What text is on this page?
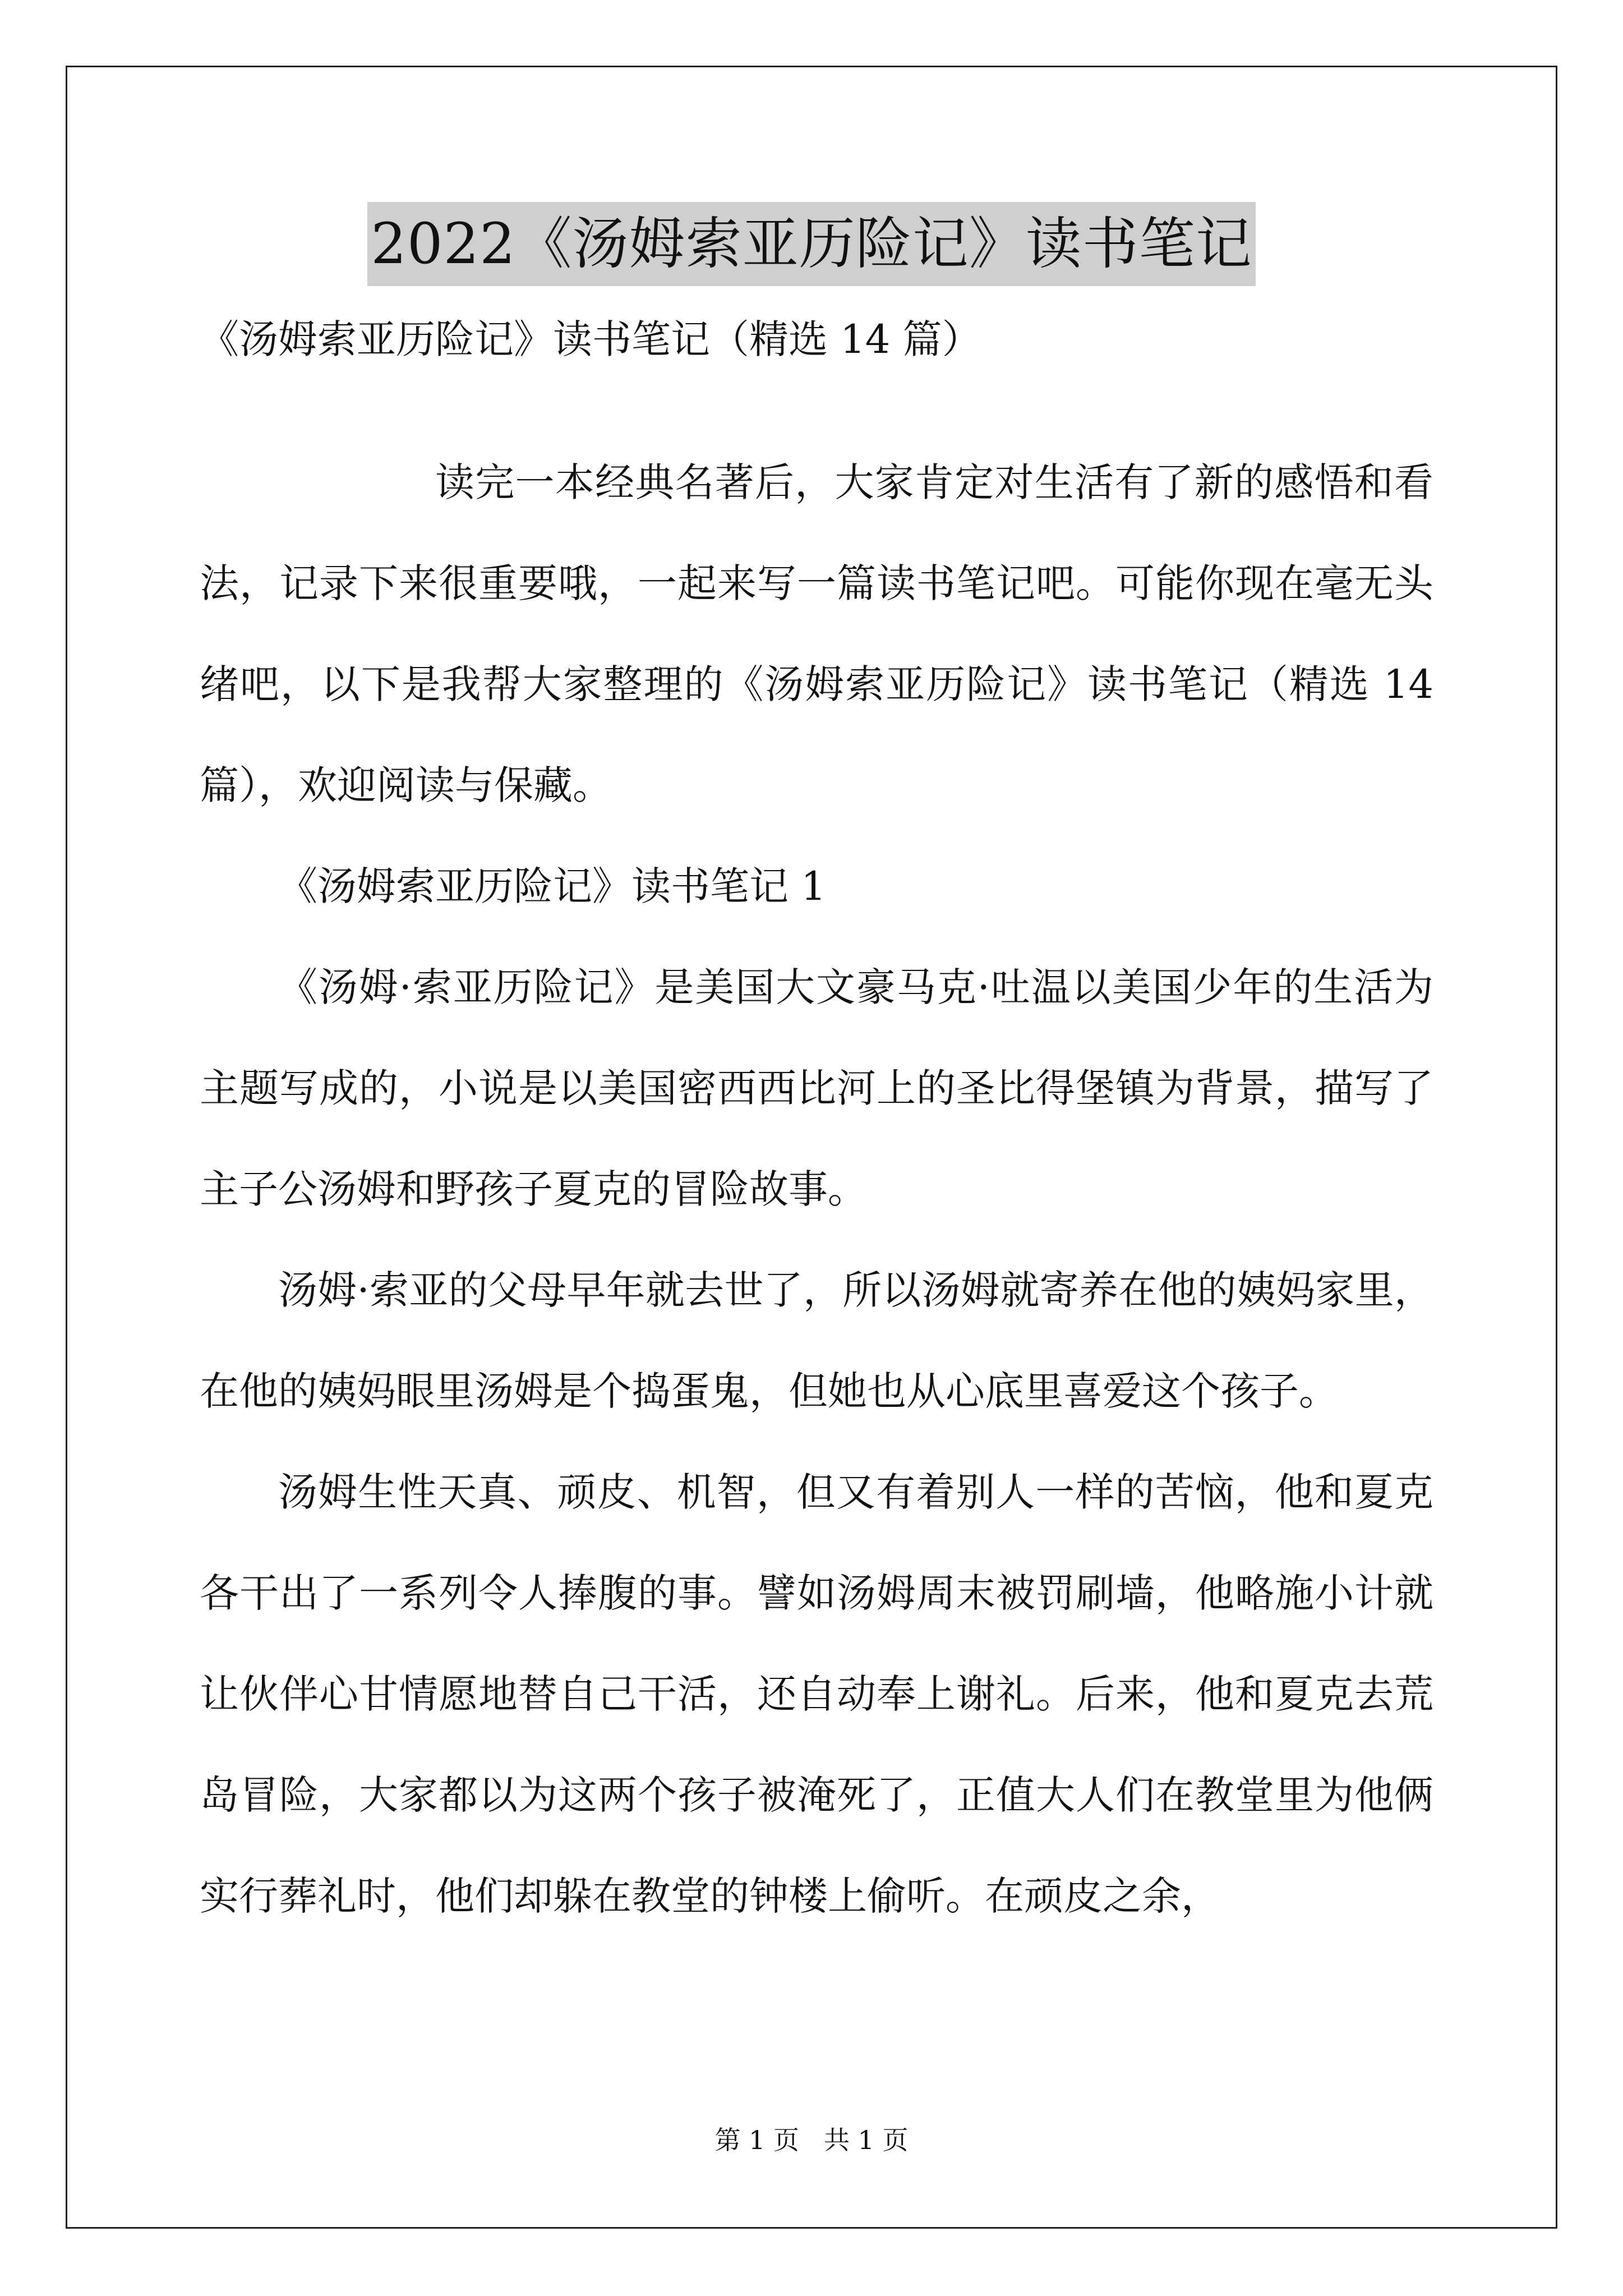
2022《汤姆索亚历险记》读书笔记
《汤姆索亚历险记》读书笔记（精选 14 篇）

读完一本经典名著后，大家肯定对生活有了新的感悟和看法，记录下来很重要哦，一起来写一篇读书笔记吧。可能你现在毫无头绪吧，以下是我帮大家整理的《汤姆索亚历险记》读书笔记（精选 14 篇），欢迎阅读与保藏。

《汤姆索亚历险记》读书笔记 1

《汤姆·索亚历险记》是美国大文豪马克·吐温以美国少年的生活为主题写成的，小说是以美国密西西比河上的圣比得堡镇为背景，描写了主子公汤姆和野孩子夏克的冒险故事。

汤姆·索亚的父母早年就去世了，所以汤姆就寄养在他的姨妈家里，在他的姨妈眼里汤姆是个捣蛋鬼，但她也从心底里喜爱这个孩子。

汤姆生性天真、顽皮、机智，但又有着别人一样的苦恼，他和夏克各干出了一系列令人捧腹的事。譬如汤姆周末被罚刷墙，他略施小计就让伙伴心甘情愿地替自己干活，还自动奉上谢礼。后来，他和夏克去荒岛冒险，大家都以为这两个孩子被淹死了，正值大人们在教堂里为他俩实行葬礼时，他们却躲在教堂的钟楼上偷听。在顽皮之余，

第 1 页 共 1 页
